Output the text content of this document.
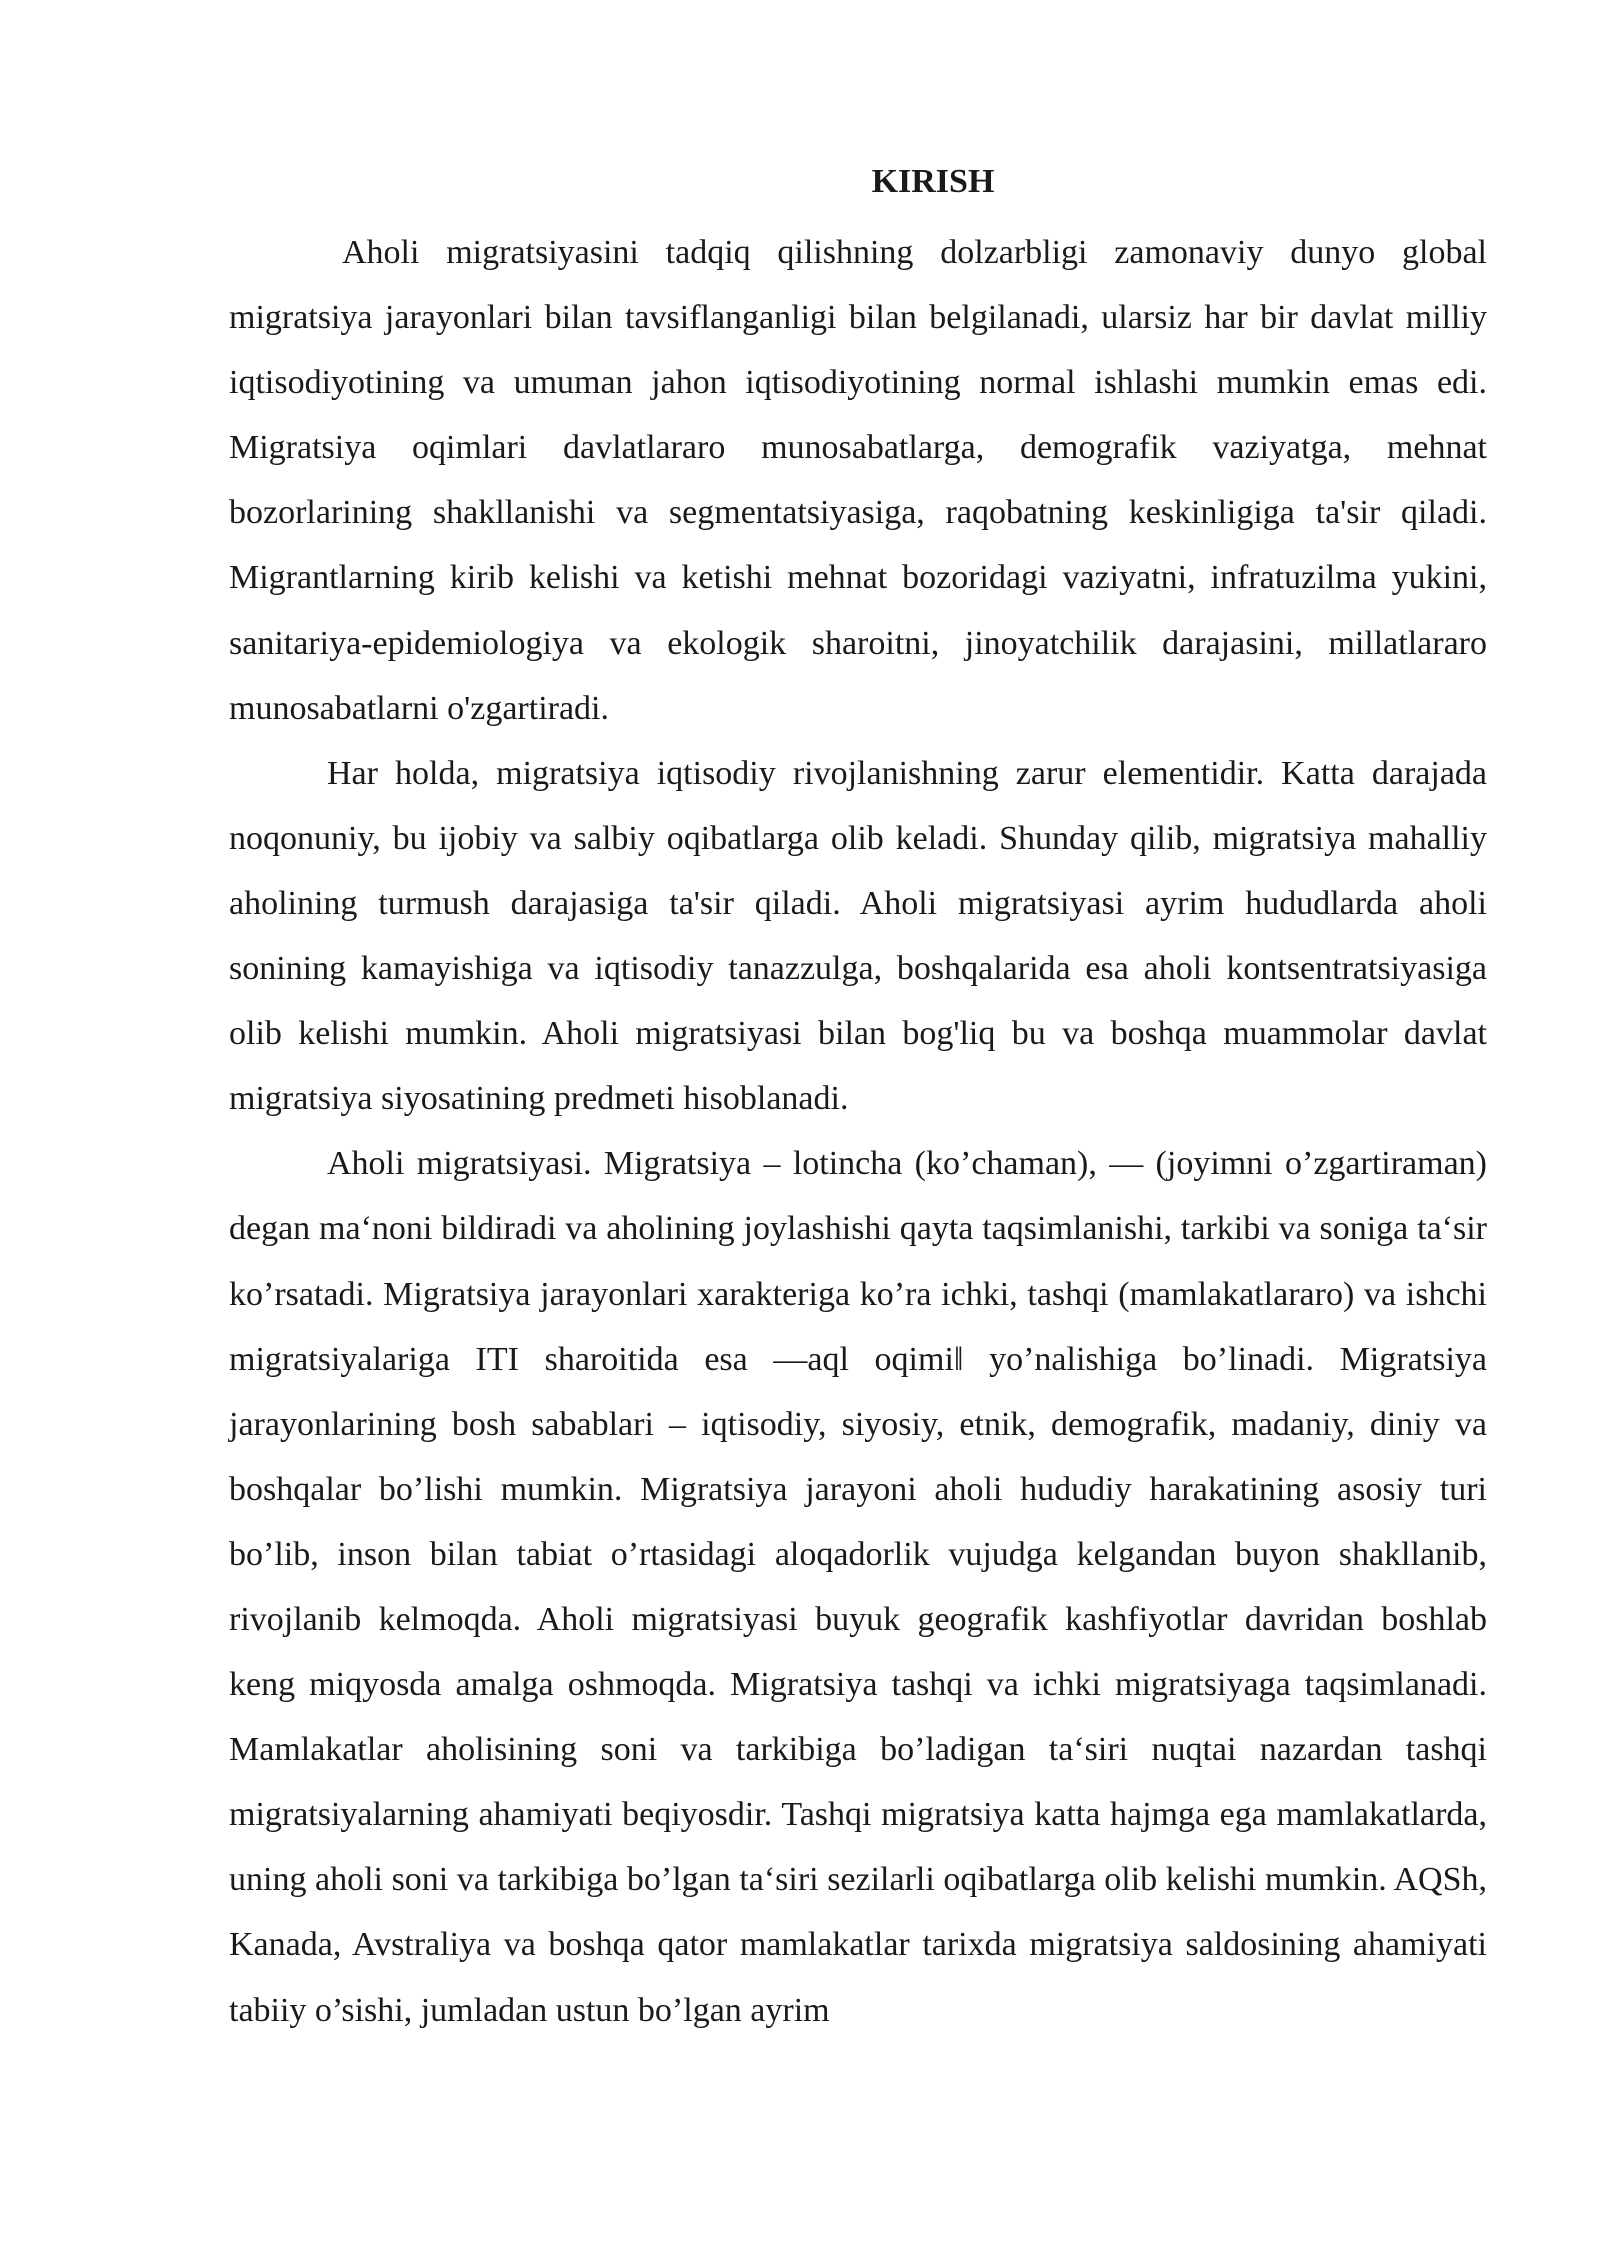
KIRISH

Aholi migratsiyasini tadqiq qilishning dolzarbligi zamonaviy dunyo global migratsiya jarayonlari bilan tavsiflanganligi bilan belgilanadi, ularsiz har bir davlat milliy iqtisodiyotining va umuman jahon iqtisodiyotining normal ishlashi mumkin emas edi. Migratsiya oqimlari davlatlararo munosabatlarga, demografik vaziyatga, mehnat bozorlarining shakllanishi va segmentatsiyasiga, raqobatning keskinligiga ta'sir qiladi. Migrantlarning kirib kelishi va ketishi mehnat bozoridagi vaziyatni, infratuzilma yukini, sanitariya-epidemiologiya va ekologik sharoitni, jinoyatchilik darajasini, millatlararo munosabatlarni o'zgartiradi.

Har holda, migratsiya iqtisodiy rivojlanishning zarur elementidir. Katta darajada noqonuniy, bu ijobiy va salbiy oqibatlarga olib keladi. Shunday qilib, migratsiya mahalliy aholining turmush darajasiga ta'sir qiladi. Aholi migratsiyasi ayrim hududlarda aholi sonining kamayishiga va iqtisodiy tanazzulga, boshqalarida esa aholi kontsentratsiyasiga olib kelishi mumkin. Aholi migratsiyasi bilan bog'liq bu va boshqa muammolar davlat migratsiya siyosatining predmeti hisoblanadi.

Aholi migratsiyasi. Migratsiya – lotincha (ko’chaman), — (joyimni o’zgartiraman) degan ma‘noni bildiradi va aholining joylashishi qayta taqsimlanishi, tarkibi va soniga ta‘sir ko’rsatadi. Migratsiya jarayonlari xarakteriga ko’ra ichki, tashqi (mamlakatlararo) va ishchi migratsiyalariga ITI sharoitida esa —aql oqimi‖ yo’nalishiga bo’linadi. Migratsiya jarayonlarining bosh sabablari – iqtisodiy, siyosiy, etnik, demografik, madaniy, diniy va boshqalar bo’lishi mumkin. Migratsiya jarayoni aholi hududiy harakatining asosiy turi bo’lib, inson bilan tabiat o’rtasidagi aloqadorlik vujudga kelgandan buyon shakllanib, rivojlanib kelmoqda. Aholi migratsiyasi buyuk geografik kashfiyotlar davridan boshlab keng miqyosda amalga oshmoqda. Migratsiya tashqi va ichki migratsiyaga taqsimlanadi. Mamlakatlar aholisining soni va tarkibiga bo’ladigan ta‘siri nuqtai nazardan tashqi migratsiyalarning ahamiyati beqiyosdir. Tashqi migratsiya katta hajmga ega mamlakatlarda, uning aholi soni va tarkibiga bo’lgan ta‘siri sezilarli oqibatlarga olib kelishi mumkin. AQSh, Kanada, Avstraliya va boshqa qator mamlakatlar tarixda migratsiya saldosining ahamiyati tabiiy o’sishi, jumladan ustun bo’lgan ayrim
